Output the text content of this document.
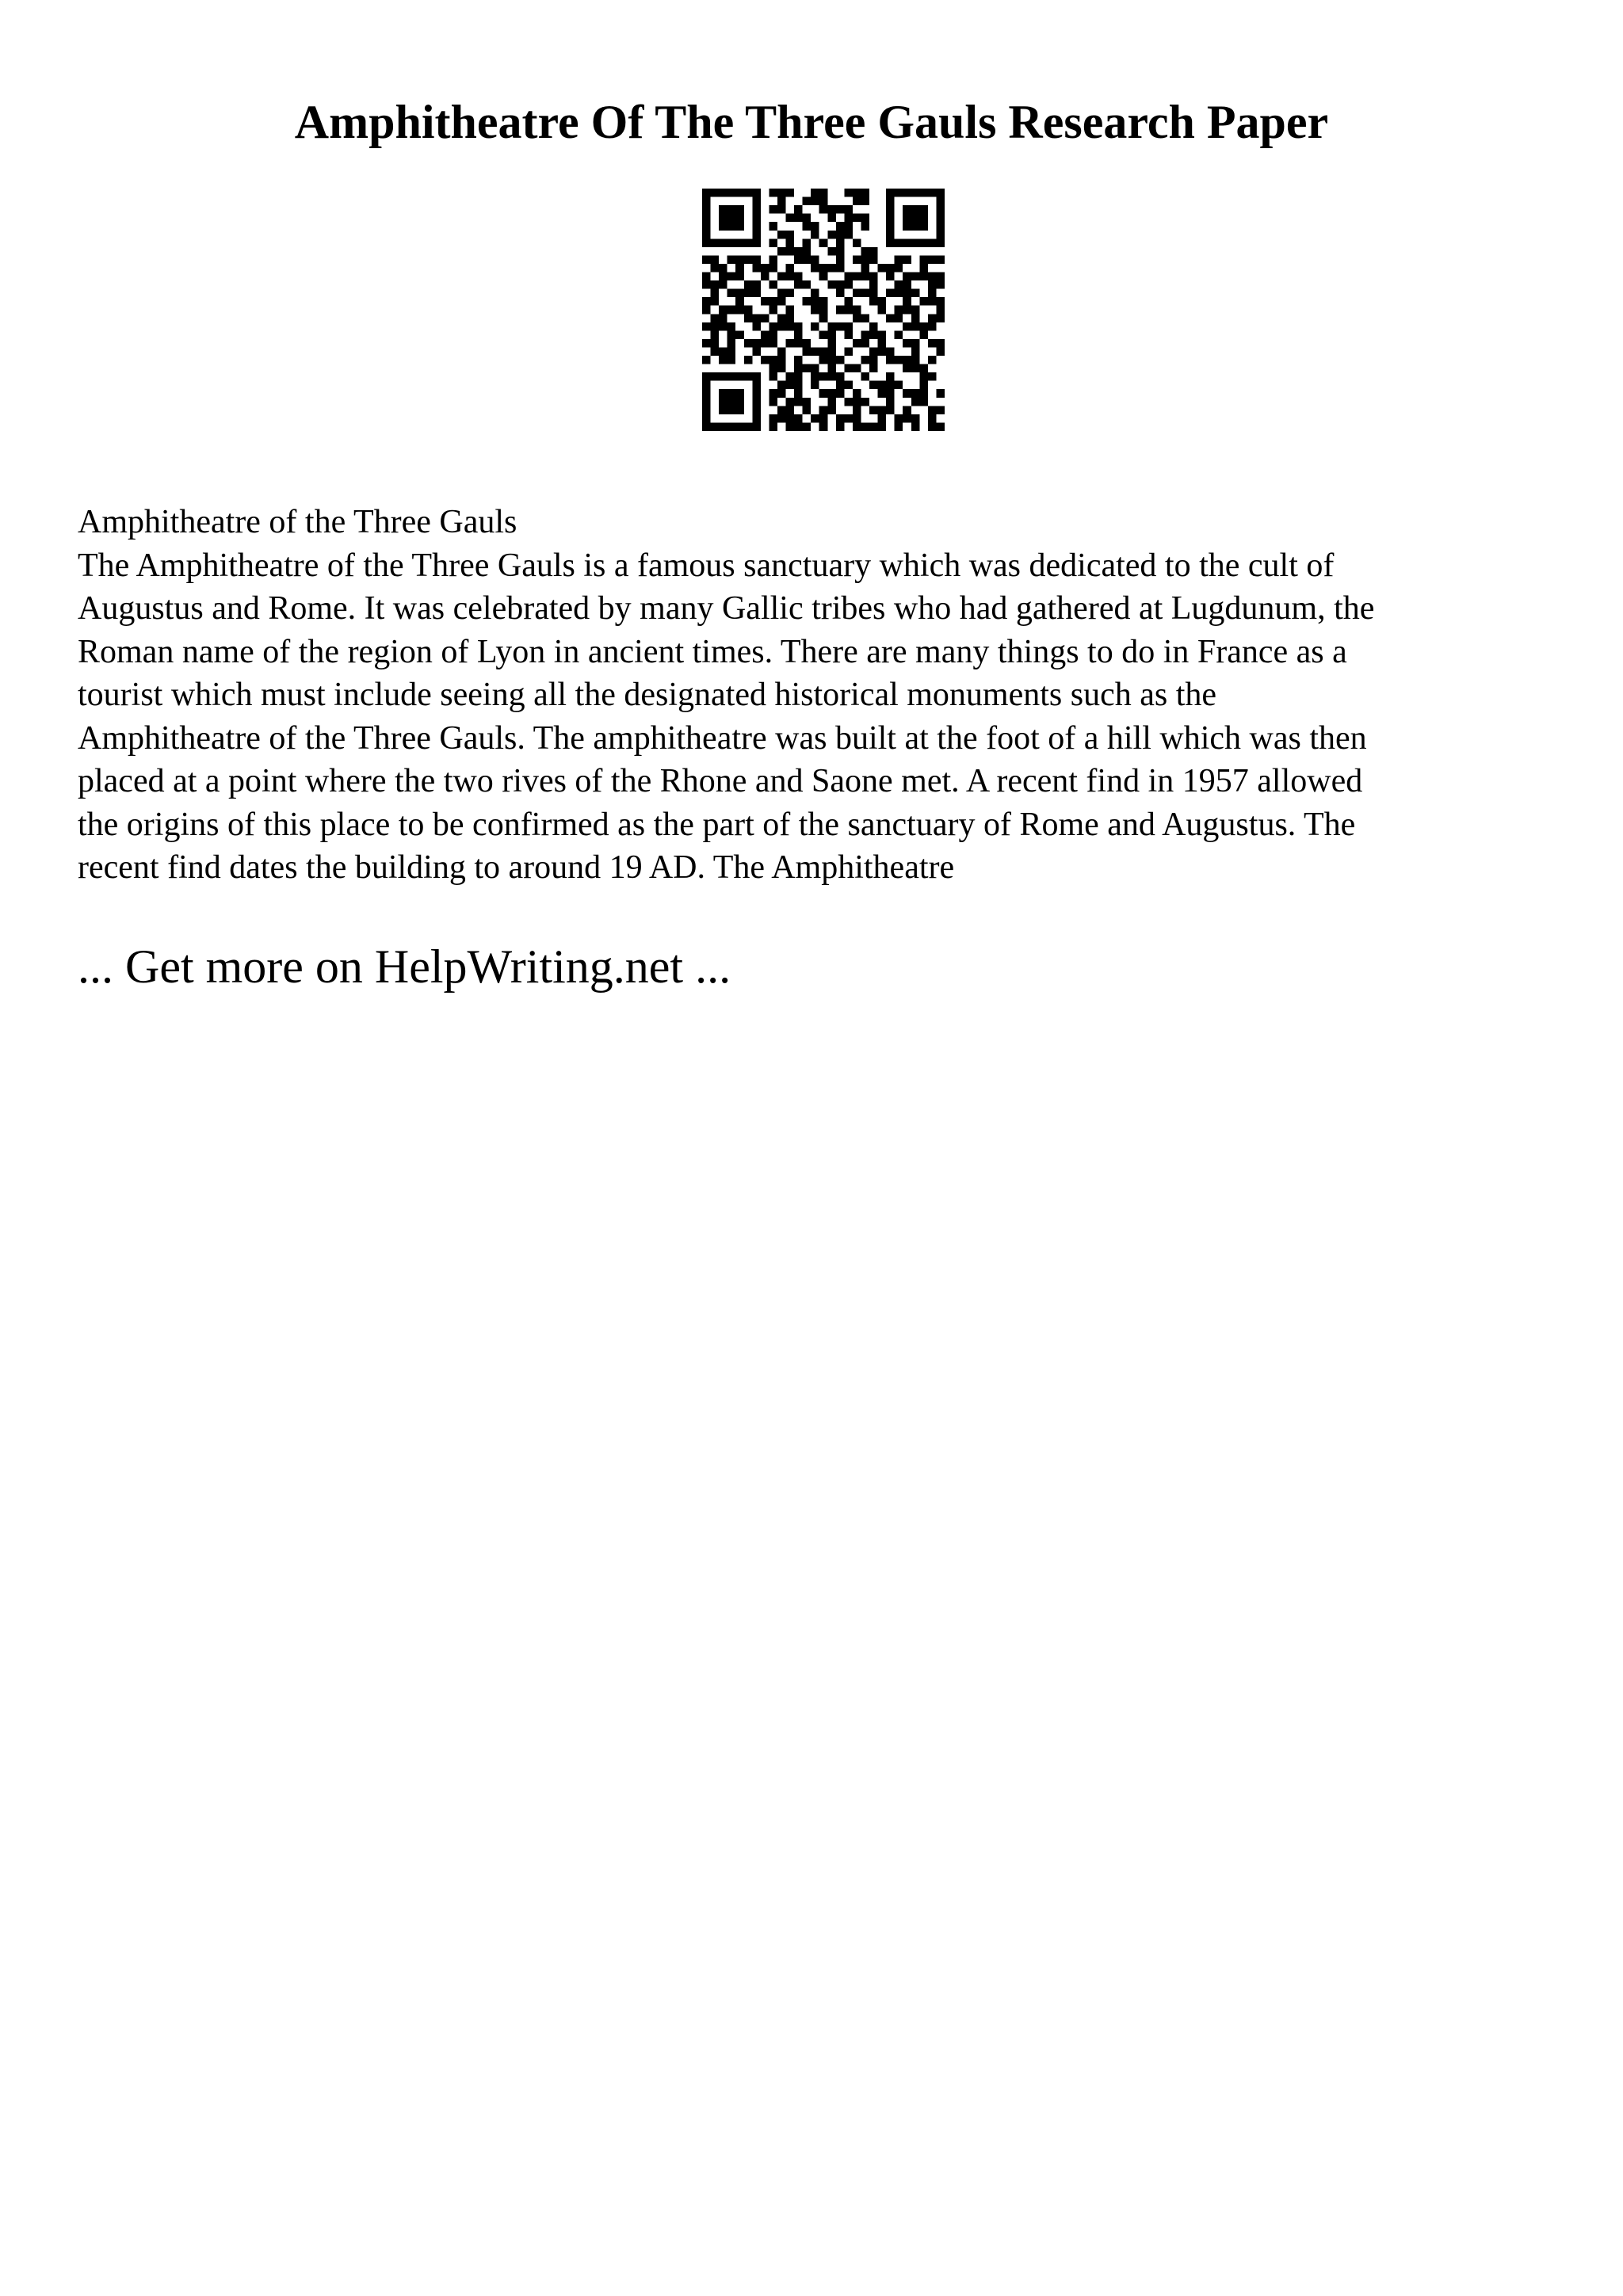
Amphitheatre Of The Three Gauls Research Paper
Amphitheatre of the Three Gauls
The Amphitheatre of the Three Gauls is a famous sanctuary which was dedicated to the cult of
Augustus and Rome. It was celebrated by many Gallic tribes who had gathered at Lugdunum, the
Roman name of the region of Lyon in ancient times. There are many things to do in France as a
tourist which must include seeing all the designated historical monuments such as the
Amphitheatre of the Three Gauls. The amphitheatre was built at the foot of a hill which was then
placed at a point where the two rives of the Rhone and Saone met. A recent find in 1957 allowed
the origins of this place to be confirmed as the part of the sanctuary of Rome and Augustus. The
recent find dates the building to around 19 AD. The Amphitheatre
... Get more on HelpWriting.net ...
